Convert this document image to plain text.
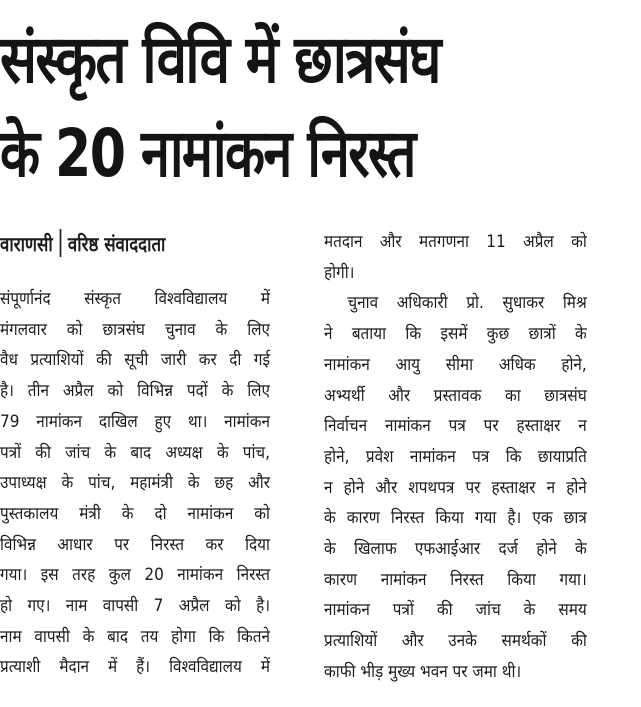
संस्कृत विवि में छात्रसंघ
के 20 नामांकन निरस्त
वाराणसी वरिष्ठ संवाददाता
संपूर्णानंद संस्कृत विश्वविद्यालय में
मंगलवार को छात्रसंघ चुनाव के लिए
वैध प्रत्याशियों की सूची जारी कर दी गई
है। तीन अप्रैल को विभिन्न पदों के लिए
79 नामांकन दाखिल हुए था। नामांकन
पत्रों की जांच के बाद अध्यक्ष के पांच,
उपाध्यक्ष के पांच, महामंत्री के छह और
पुस्तकालय मंत्री के दो नामांकन को
विभिन्न आधार पर निरस्त कर दिया
गया। इस तरह कुल 20 नामांकन निरस्त
हो गए। नाम वापसी 7 अप्रैल को है।
नाम वापसी के बाद तय होगा कि कितने
प्रत्याशी मैदान में हैं। विश्वविद्यालय में
मतदान और मतगणना 11 अप्रैल को
होगी।
चुनाव अधिकारी प्रो. सुधाकर मिश्र
ने बताया कि इसमें कुछ छात्रों के
नामांकन आयु सीमा अधिक होने,
अभ्यर्थी और प्रस्तावक का छात्रसंघ
निर्वाचन नामांकन पत्र पर हस्ताक्षर न
होने, प्रवेश नामांकन पत्र कि छायाप्रति
न होने और शपथपत्र पर हस्ताक्षर न होने
के कारण निरस्त किया गया है। एक छात्र
के खिलाफ एफआईआर दर्ज होने के
कारण नामांकन निरस्त किया गया।
नामांकन पत्रों की जांच के समय
प्रत्याशियों और उनके समर्थकों की
काफी भीड़ मुख्य भवन पर जमा थी।
